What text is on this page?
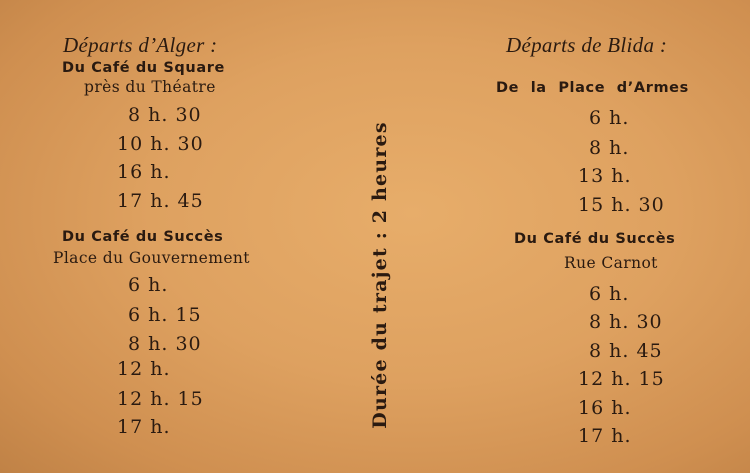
Départs d’Alger :
Du Café du Square
près du Théatre
8 h. 30
10 h. 30
16 h.
17 h. 45
Du Café du Succès
Place du Gouvernement
6 h.
6 h. 15
8 h. 30
12 h.
12 h. 15
17 h.	Durée du trajet : 2 heures
Départs de Blida :
De la Place d’Armes
6 h.
8 h.
13 h.
15 h. 30
Du Café du Succès
Rue Carnot
6 h.
8 h. 30
8 h. 45
12 h. 15
16 h.
17 h.
